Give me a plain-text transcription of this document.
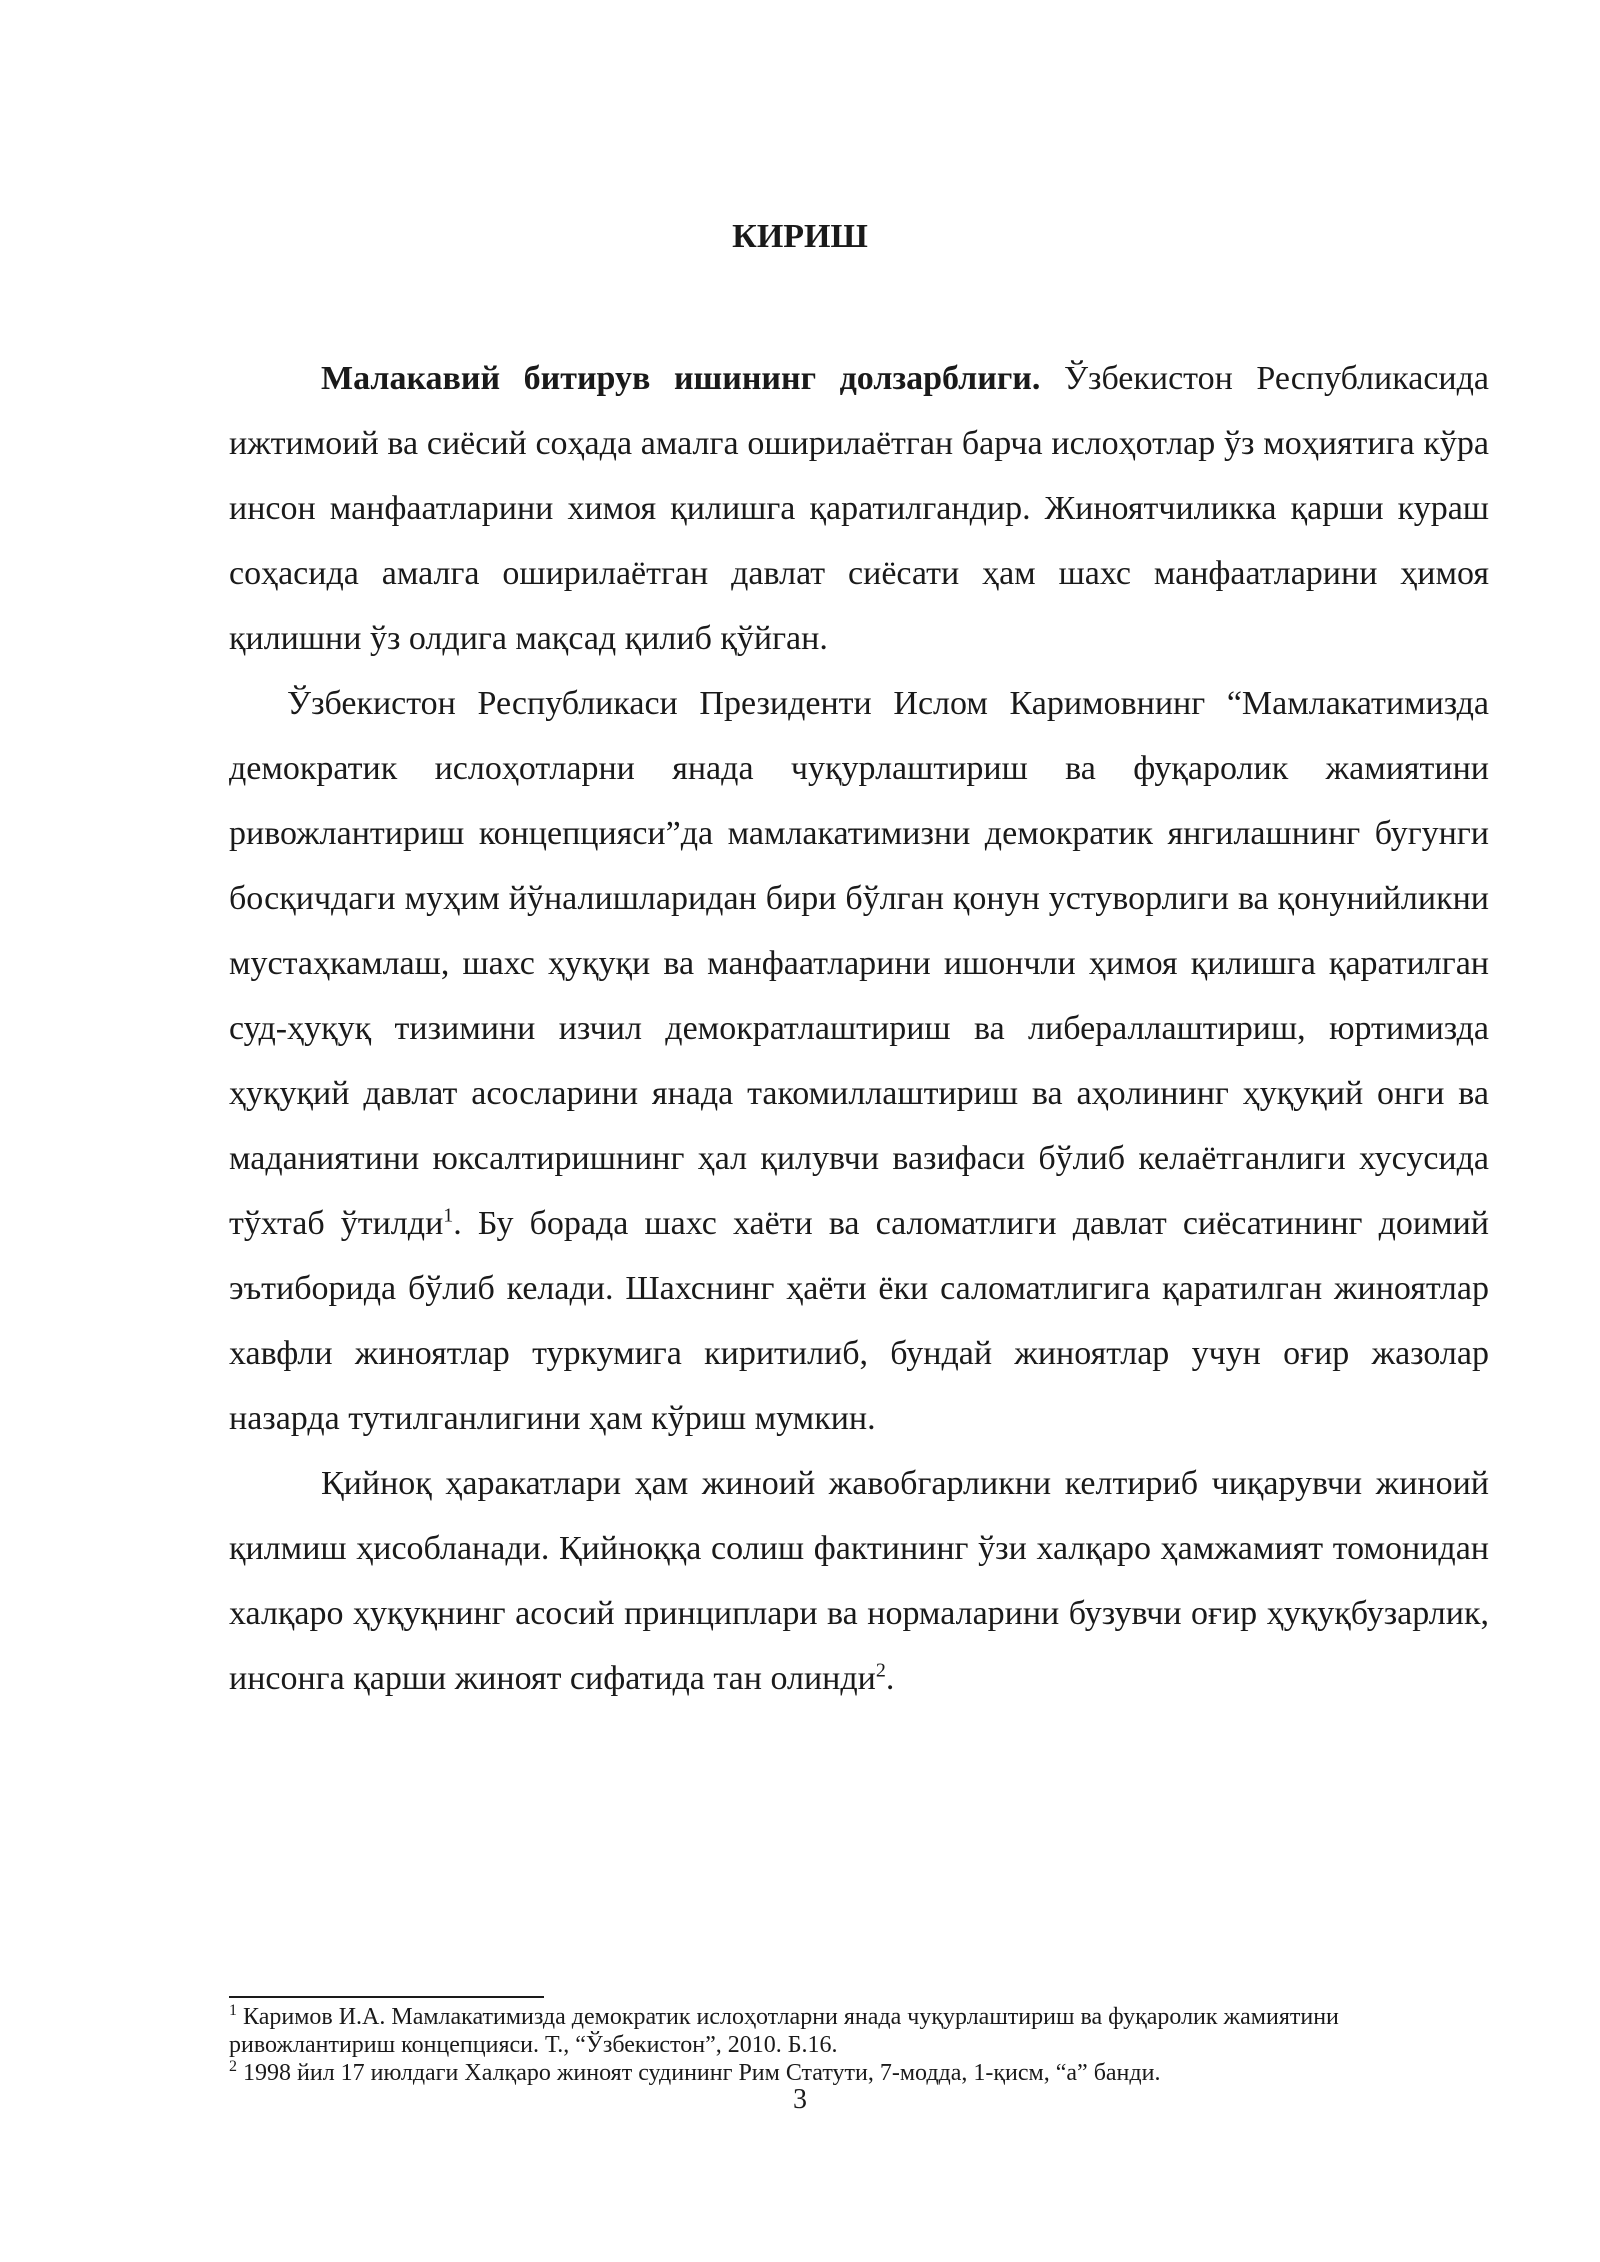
КИРИШ

Малакавий битирув ишининг долзарблиги. Ўзбекистон Республикасида ижтимоий ва сиёсий соҳада амалга оширилаётган барча ислоҳотлар ўз моҳиятига кўра инсон манфаатларини химоя қилишга қаратилгандир. Жиноятчиликка қарши кураш соҳасида амалга оширилаётган давлат сиёсати ҳам шахс манфаатларини ҳимоя қилишни ўз олдига мақсад қилиб қўйган.

Ўзбекистон Республикаси Президенти Ислом Каримовнинг “Мамлакатимизда демократик ислоҳотларни янада чуқурлаштириш ва фуқаролик жамиятини ривожлантириш концепцияси”да мамлакатимизни демократик янгилашнинг бугунги босқичдаги муҳим йўналишларидан бири бўлган қонун устуворлиги ва қонунийликни мустаҳкамлаш, шахс ҳуқуқи ва манфаатларини ишончли ҳимоя қилишга қаратилган суд-ҳуқуқ тизимини изчил демократлаштириш ва либераллаштириш, юртимизда ҳуқуқий давлат асосларини янада такомиллаштириш ва аҳолининг ҳуқуқий онги ва маданиятини юксалтиришнинг ҳал қилувчи вазифаси бўлиб келаётганлиги хусусида тўхтаб ўтилди$^1$. Бу борада шахс хаёти ва саломатлиги давлат сиёсатининг доимий эътиборида бўлиб келади. Шахснинг ҳаёти ёки саломатлигига қаратилган жиноятлар хавфли жиноятлар туркумига киритилиб, бундай жиноятлар учун оғир жазолар назарда тутилганлигини ҳам кўриш мумкин.

Қийноқ ҳаракатлари ҳам жиноий жавобгарликни келтириб чиқарувчи жиноий қилмиш ҳисобланади. Қийноққа солиш фактининг ўзи халқаро ҳамжамият томонидан халқаро ҳуқуқнинг асосий принциплари ва нормаларини бузувчи оғир ҳуқуқбузарлик, инсонга қарши жиноят сифатида тан олинди$^2$.

$^1$ Каримов И.А. Мамлакатимизда демократик ислоҳотларни янада чуқурлаштириш ва фуқаролик жамиятини ривожлантириш концепцияси. Т., “Ўзбекистон”, 2010. Б.16.

$^2$ 1998 йил 17 июлдаги Халқаро жиноят судининг Рим Статути, 7-модда, 1-қисм, “а” банди.

3
